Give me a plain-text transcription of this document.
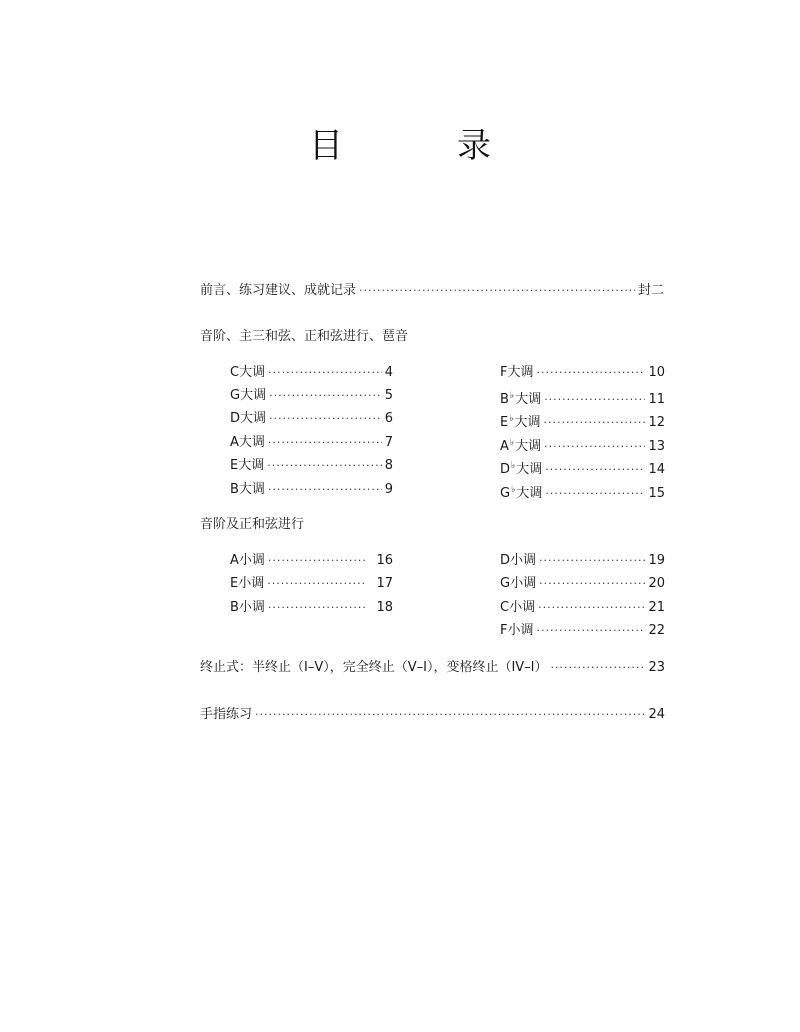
目　录
前言、练习建议、成就记录 ·····	封二
音阶、主三和弦、正和弦进行、琶音
C大调 ·····	4
G大调 ·····	5
D大调 ·····	6
A大调 ·····	7
E大调 ·····	8
B大调 ·····	9
F大调 ·····	10
B♭大调 ·····	11
E♭大调 ·····	12
A♭大调 ·····	13
D♭大调 ·····	14
G♭大调 ·····	15
音阶及正和弦进行
A小调 ·····	16
E小调 ·····	17
B小调 ·····	18
D小调 ·····	19
G小调 ·····	20
C小调 ·····	21
F小调 ·····	22
终止式：半终止（I–V），完全终止（V–I），变格终止（IV–I） ·····	23
手指练习 ·····	24
